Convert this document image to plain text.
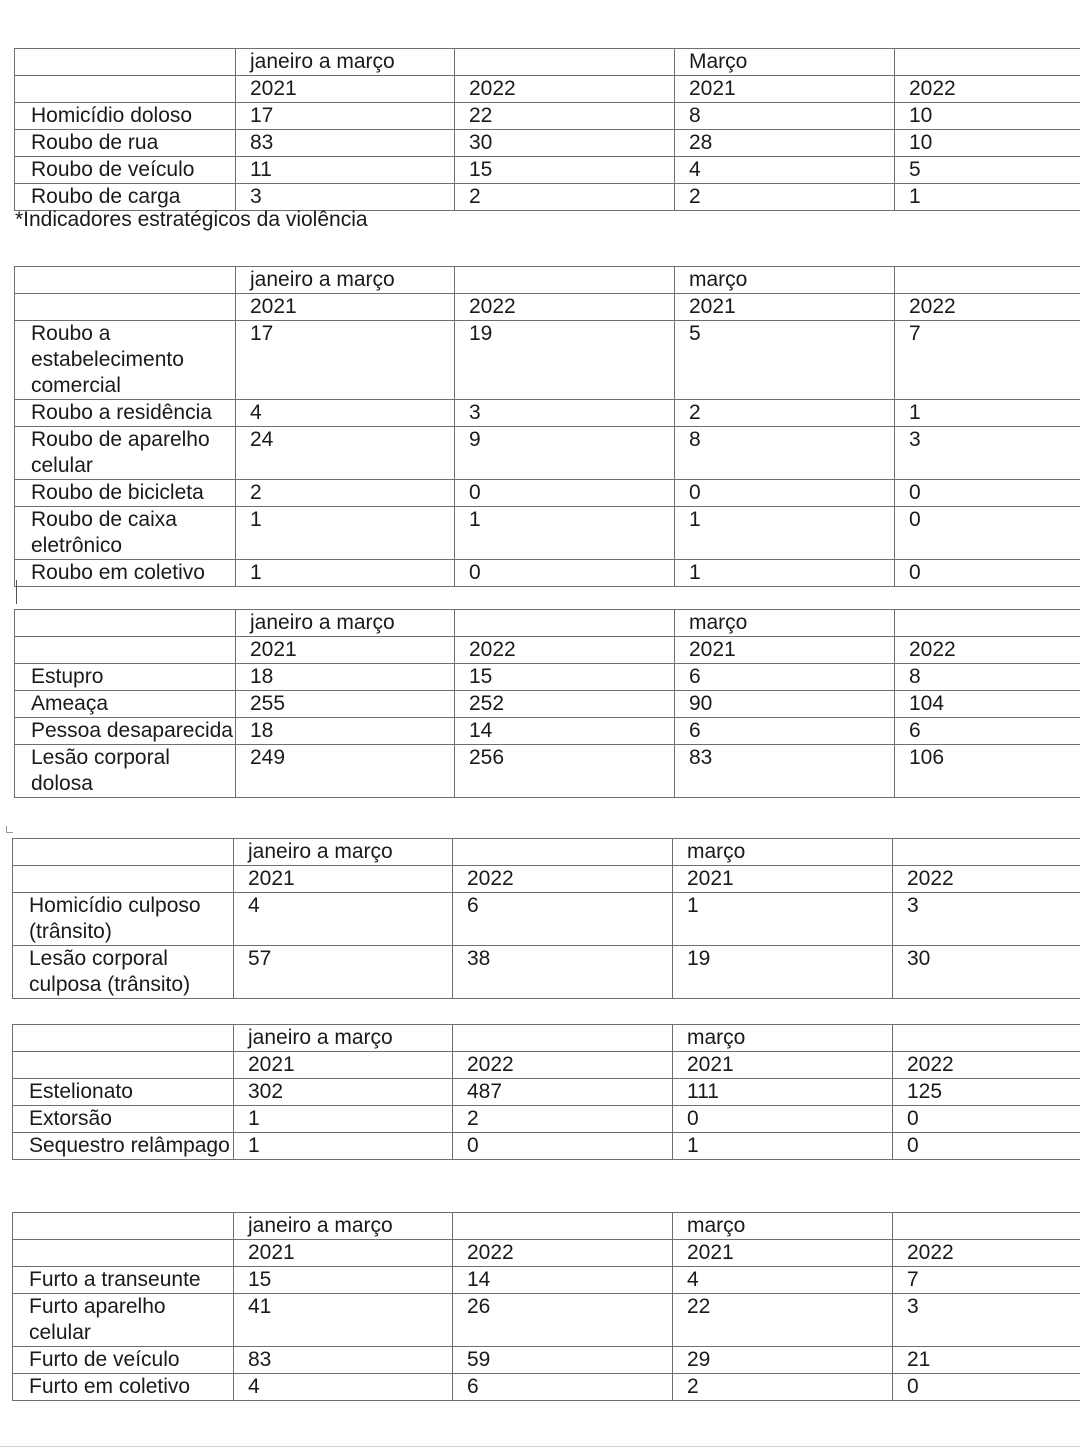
	janeiro a março		Março	
	2021	2022	2021	2022
Homicídio doloso	17	22	8	10
Roubo de rua	83	30	28	10
Roubo de veículo	11	15	4	5
Roubo de carga	3	2	2	1
*Indicadores estratégicos da violência
	janeiro a março		março	
	2021	2022	2021	2022
Roubo a estabelecimento comercial	17	19	5	7
Roubo a residência	4	3	2	1
Roubo de aparelho celular	24	9	8	3
Roubo de bicicleta	2	0	0	0
Roubo de caixa eletrônico	1	1	1	0
Roubo em coletivo	1	0	1	0
	janeiro a março		março	
	2021	2022	2021	2022
Estupro	18	15	6	8
Ameaça	255	252	90	104
Pessoa desaparecida	18	14	6	6
Lesão corporal dolosa	249	256	83	106
	janeiro a março		março	
	2021	2022	2021	2022
Homicídio culposo (trânsito)	4	6	1	3
Lesão corporal culposa (trânsito)	57	38	19	30
	janeiro a março		março	
	2021	2022	2021	2022
Estelionato	302	487	111	125
Extorsão	1	2	0	0
Sequestro relâmpago	1	0	1	0
	janeiro a março		março	
	2021	2022	2021	2022
Furto a transeunte	15	14	4	7
Furto aparelho celular	41	26	22	3
Furto de veículo	83	59	29	21
Furto em coletivo	4	6	2	0
